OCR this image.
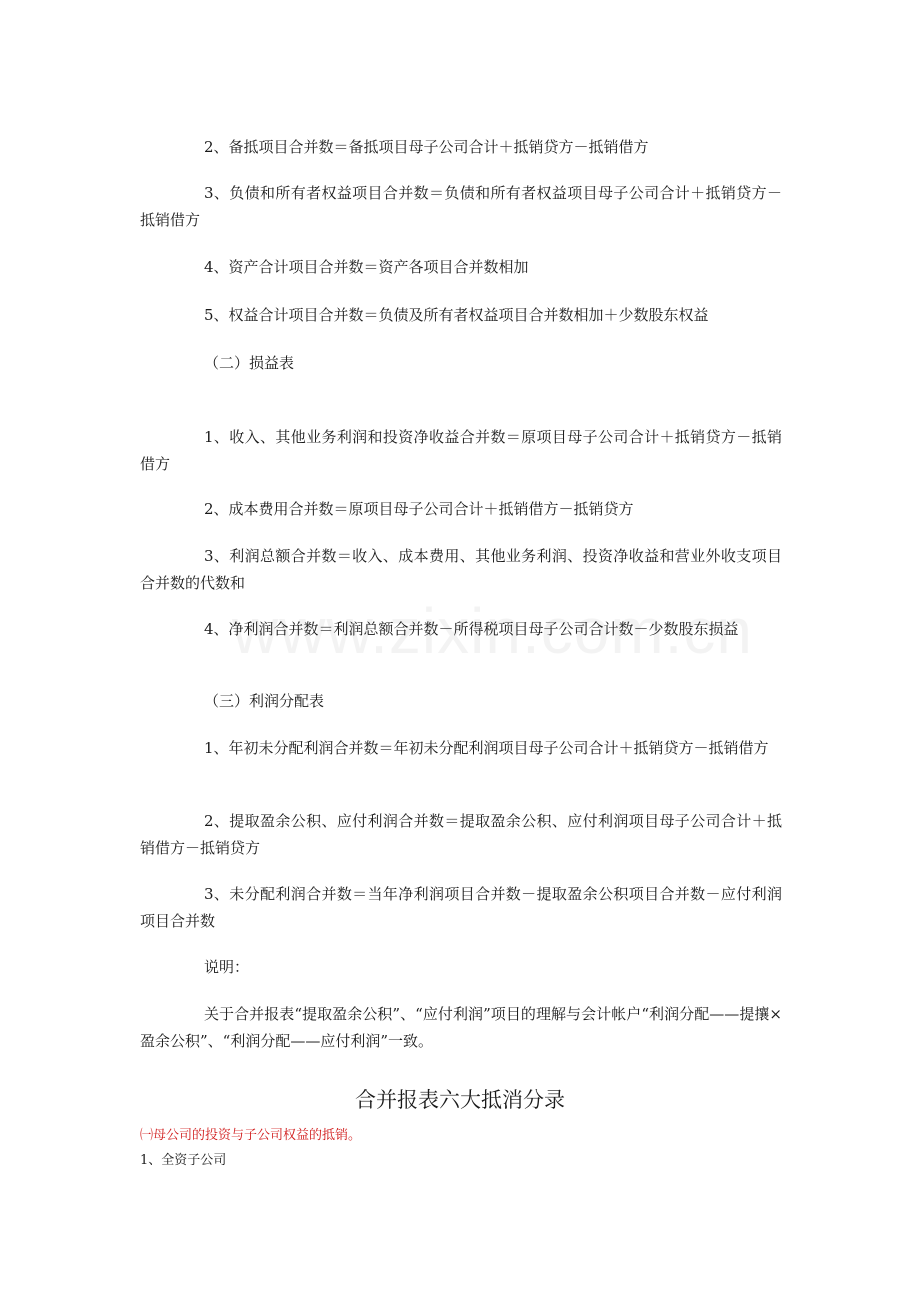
2、备抵项目合并数＝备抵项目母子公司合计＋抵销贷方－抵销借方

3、负债和所有者权益项目合并数＝负债和所有者权益项目母子公司合计＋抵销贷方－抵销借方

4、资产合计项目合并数＝资产各项目合并数相加

5、权益合计项目合并数＝负债及所有者权益项目合并数相加＋少数股东权益

（二）损益表

1、收入、其他业务利润和投资净收益合并数＝原项目母子公司合计＋抵销贷方－抵销借方

2、成本费用合并数＝原项目母子公司合计＋抵销借方－抵销贷方

3、利润总额合并数＝收入、成本费用、其他业务利润、投资净收益和营业外收支项目合并数的代数和

4、净利润合并数＝利润总额合并数－所得税项目母子公司合计数－少数股东损益

（三）利润分配表

1、年初未分配利润合并数＝年初未分配利润项目母子公司合计＋抵销贷方－抵销借方

2、提取盈余公积、应付利润合并数＝提取盈余公积、应付利润项目母子公司合计＋抵销借方－抵销贷方

3、未分配利润合并数＝当年净利润项目合并数－提取盈余公积项目合并数－应付利润项目合并数

说明：

关于合并报表“提取盈余公积”、“应付利润”项目的理解与会计帐户“利润分配——提攘×盈余公积”、“利润分配——应付利润”一致。

合并报表六大抵消分录

㈠母公司的投资与子公司权益的抵销。

1、全资子公司
